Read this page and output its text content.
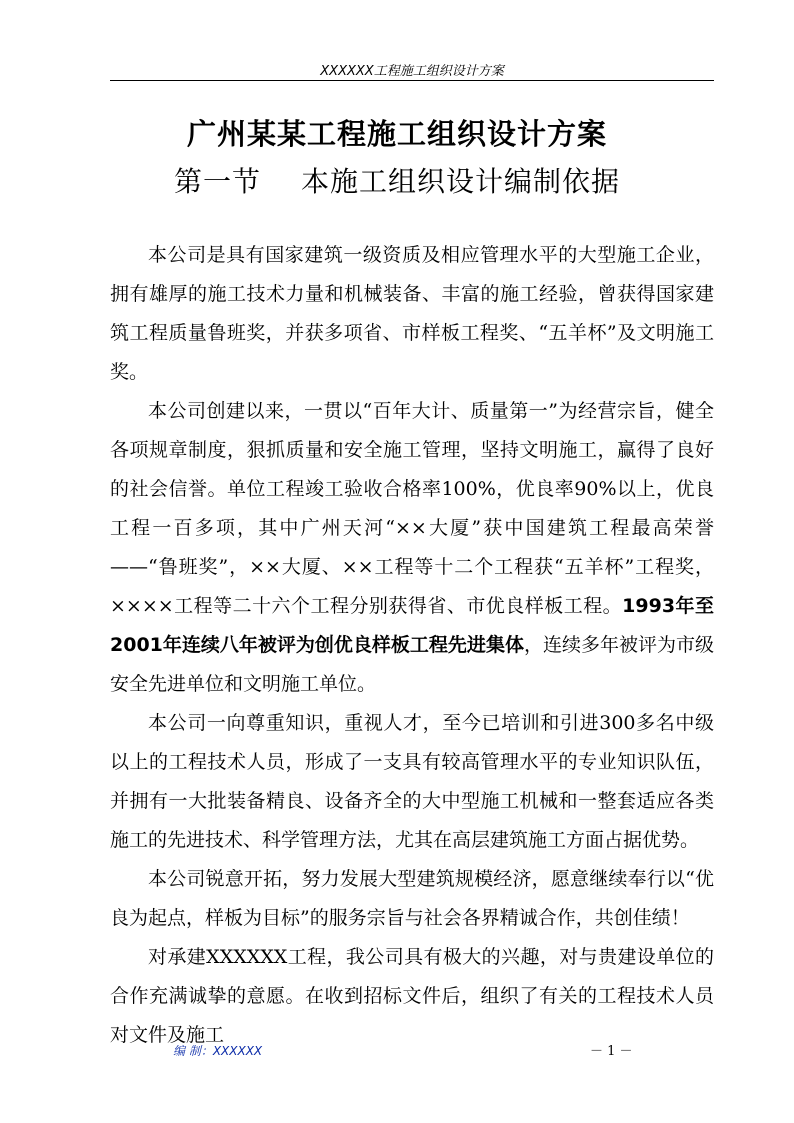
XXXXXX工程施工组织设计方案
广州某某工程施工组织设计方案
第一节 本施工组织设计编制依据

本公司是具有国家建筑一级资质及相应管理水平的大型施工企业，拥有雄厚的施工技术力量和机械装备、丰富的施工经验，曾获得国家建筑工程质量鲁班奖，并获多项省、市样板工程奖、“五羊杯”及文明施工奖。

本公司创建以来，一贯以“百年大计、质量第一”为经营宗旨，健全各项规章制度，狠抓质量和安全施工管理，坚持文明施工，赢得了良好的社会信誉。单位工程竣工验收合格率100%，优良率90%以上，优良工程一百多项，其中广州天河“××大厦”获中国建筑工程最高荣誉——“鲁班奖”，××大厦、××工程等十二个工程获“五羊杯”工程奖，××××工程等二十六个工程分别获得省、市优良样板工程。1993年至2001年连续八年被评为创优良样板工程先进集体，连续多年被评为市级安全先进单位和文明施工单位。

本公司一向尊重知识，重视人才，至今已培训和引进300多名中级以上的工程技术人员，形成了一支具有较高管理水平的专业知识队伍，并拥有一大批装备精良、设备齐全的大中型施工机械和一整套适应各类施工的先进技术、科学管理方法，尤其在高层建筑施工方面占据优势。

本公司锐意开拓，努力发展大型建筑规模经济，愿意继续奉行以“优良为起点，样板为目标”的服务宗旨与社会各界精诚合作，共创佳绩！

对承建XXXXXX工程，我公司具有极大的兴趣，对与贵建设单位的合作充满诚挚的意愿。在收到招标文件后，组织了有关的工程技术人员对文件及施工

编 制：XXXXXX	－ 1 －
